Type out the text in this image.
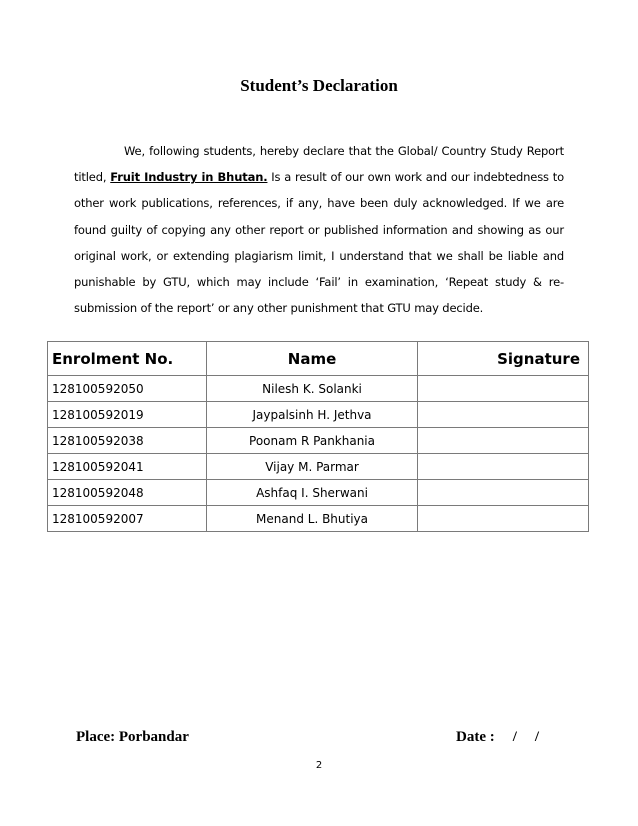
Student’s Declaration
We, following students, hereby declare that the Global/ Country Study Report titled, Fruit Industry in Bhutan. Is a result of our own work and our indebtedness to other work publications, references, if any, have been duly acknowledged. If we are found guilty of copying any other report or published information and showing as our original work, or extending plagiarism limit, I understand that we shall be liable and punishable by GTU, which may include ‘Fail’ in examination, ‘Repeat study & re-submission of the report’ or any other punishment that GTU may decide.
Enrolment No.	Name	Signature
128100592050	Nilesh K. Solanki	
128100592019	Jaypalsinh H. Jethva	
128100592038	Poonam R Pankhania	
128100592041	Vijay M. Parmar	
128100592048	Ashfaq I. Sherwani	
128100592007	Menand L. Bhutiya	
Place: Porbandar	Date : / /
2
